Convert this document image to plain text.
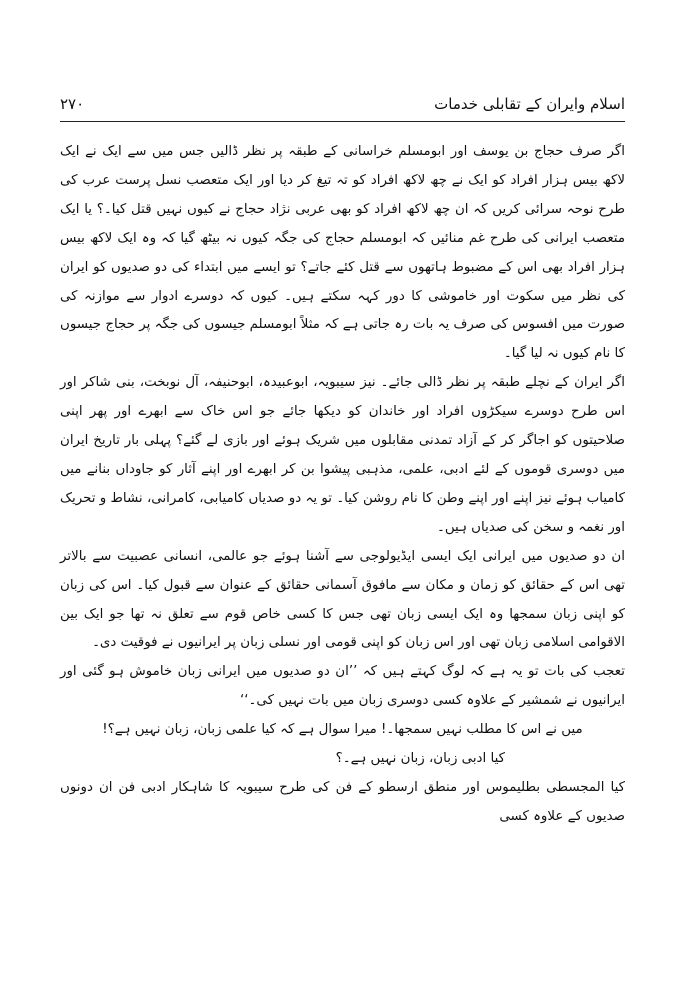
اسلام وایران کے تقابلی خدمات
۲۷۰

اگر صرف حجاج بن یوسف اور ابومسلم خراسانی کے طبقہ پر نظر ڈالیں جس میں سے ایک نے ایک لاکھ بیس ہزار افراد کو ایک نے چھ لاکھ افراد کو تہ تیغ کر دیا اور ایک متعصب نسل پرست عرب کی طرح نوحہ سرائی کریں کہ ان چھ لاکھ افراد کو بھی عربی نژاد حجاج نے کیوں نہیں قتل کیا۔؟ یا ایک متعصب ایرانی کی طرح غم منائیں کہ ابومسلم حجاج کی جگہ کیوں نہ بیٹھ گیا کہ وہ ایک لاکھ بیس ہزار افراد بھی اس کے مضبوط ہاتھوں سے قتل کئے جاتے؟ تو ایسے میں ابتداء کی دو صدیوں کو ایران کی نظر میں سکوت اور خاموشی کا دور کہہ سکتے ہیں۔ کیوں کہ دوسرے ادوار سے موازنہ کی صورت میں افسوس کی صرف یہ بات رہ جاتی ہے کہ مثلاً ابومسلم جیسوں کی جگہ پر حجاج جیسوں کا نام کیوں نہ لیا گیا۔

اگر ایران کے نچلے طبقہ پر نظر ڈالی جائے۔ نیز سیبویہ، ابوعبیدہ، ابوحنیفہ، آل نوبخت، بنی شاکر اور اس طرح دوسرے سیکڑوں افراد اور خاندان کو دیکھا جائے جو اس خاک سے ابھرے اور پھر اپنی صلاحیتوں کو اجاگر کر کے آزاد تمدنی مقابلوں میں شریک ہوئے اور بازی لے گئے؟ پہلی بار تاریخ ایران میں دوسری قوموں کے لئے ادبی، علمی، مذہبی پیشوا بن کر ابھرے اور اپنے آثار کو جاوداں بنانے میں کامیاب ہوئے نیز اپنے اور اپنے وطن کا نام روشن کیا۔ تو یہ دو صدیاں کامیابی، کامرانی، نشاط و تحریک اور نغمہ و سخن کی صدیاں ہیں۔

ان دو صدیوں میں ایرانی ایک ایسی ایڈیولوجی سے آشنا ہوئے جو عالمی، انسانی عصبیت سے بالاتر تھی اس کے حقائق کو زمان و مکان سے مافوق آسمانی حقائق کے عنوان سے قبول کیا۔ اس کی زبان کو اپنی زبان سمجھا وہ ایک ایسی زبان تھی جس کا کسی خاص قوم سے تعلق نہ تھا جو ایک بین الاقوامی اسلامی زبان تھی اور اس زبان کو اپنی قومی اور نسلی زبان پر ایرانیوں نے فوقیت دی۔

تعجب کی بات تو یہ ہے کہ لوگ کہتے ہیں کہ ’’ان دو صدیوں میں ایرانی زبان خاموش ہو گئی اور ایرانیوں نے شمشیر کے علاوہ کسی دوسری زبان میں بات نہیں کی۔‘‘

میں نے اس کا مطلب نہیں سمجھا۔! میرا سوال ہے کہ کیا علمی زبان، زبان نہیں ہے؟!

کیا ادبی زبان، زبان نہیں ہے۔؟

کیا المجسطی بطلیموس اور منطق ارسطو کے فن کی طرح سیبویہ کا شاہکار ادبی فن ان دونوں صدیوں کے علاوہ کسی
